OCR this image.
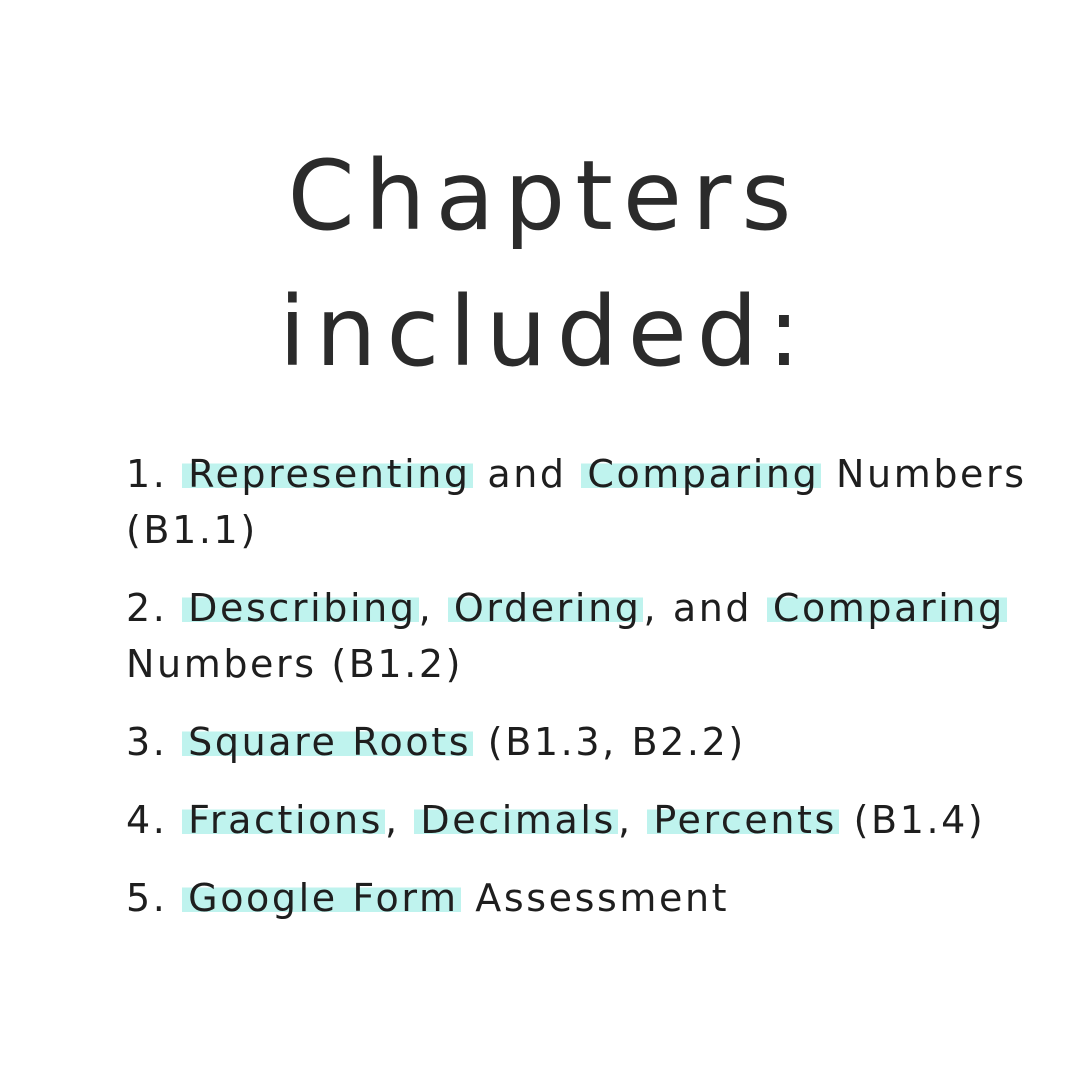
Chapters
included:
1. Representing and Comparing Numbers (B1.1)
2. Describing, Ordering, and Comparing Numbers (B1.2)
3. Square Roots (B1.3, B2.2)
4. Fractions, Decimals, Percents (B1.4)
5. Google Form Assessment
